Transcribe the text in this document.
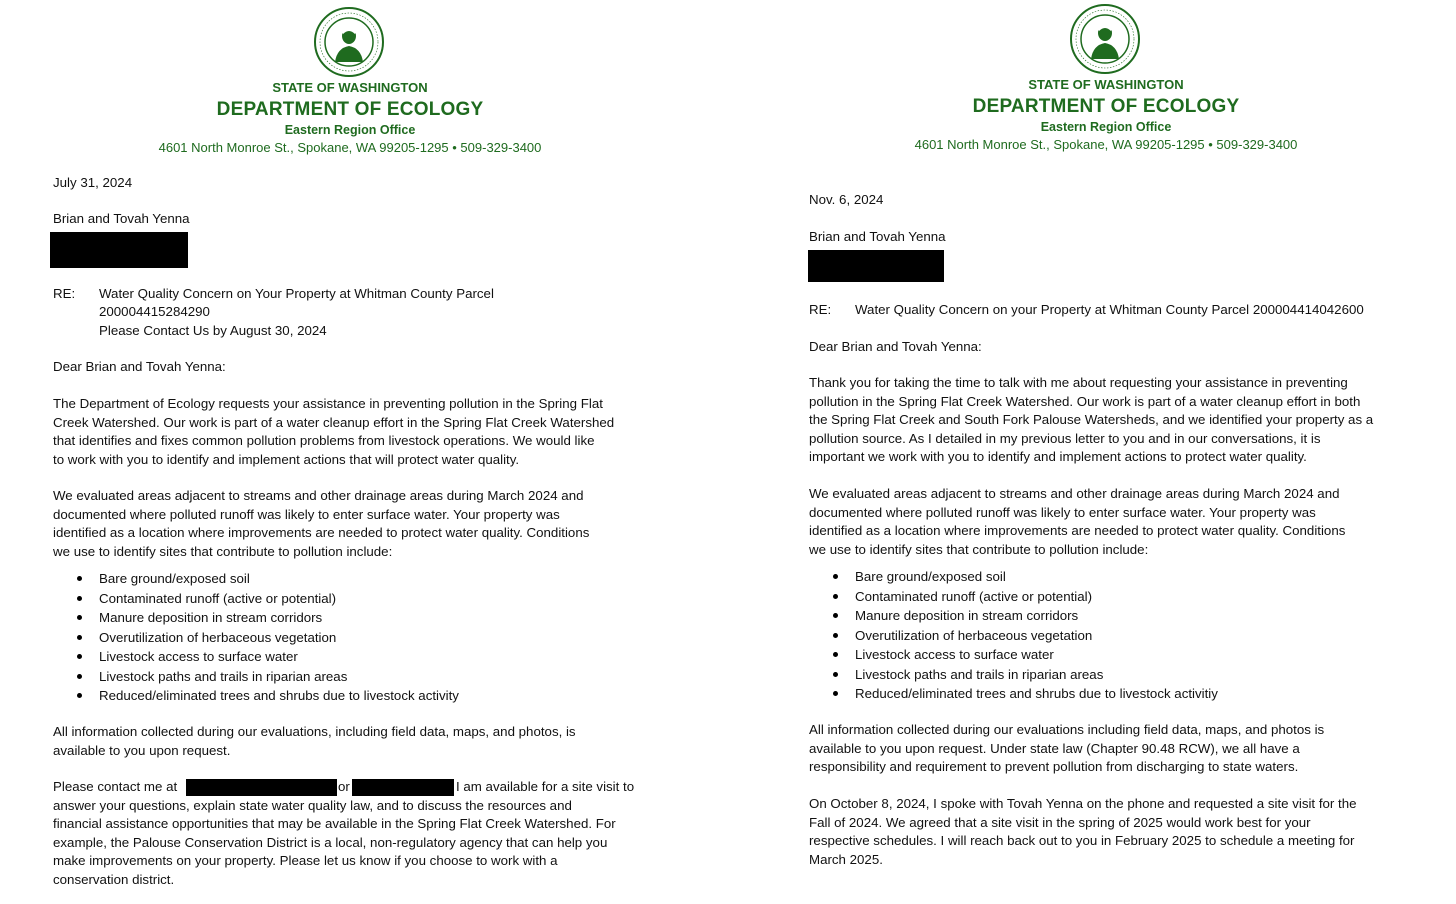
STATE OF WASHINGTON
DEPARTMENT OF ECOLOGY
Eastern Region Office
4601 North Monroe St., Spokane, WA 99205-1295 • 509-329-3400
July 31, 2024
Brian and Tovah Yenna
RE: Water Quality Concern on Your Property at Whitman County Parcel
200004415284290
Please Contact Us by August 30, 2024
Dear Brian and Tovah Yenna:
The Department of Ecology requests your assistance in preventing pollution in the Spring Flat
Creek Watershed. Our work is part of a water cleanup effort in the Spring Flat Creek Watershed
that identifies and fixes common pollution problems from livestock operations. We would like
to work with you to identify and implement actions that will protect water quality.
We evaluated areas adjacent to streams and other drainage areas during March 2024 and
documented where polluted runoff was likely to enter surface water. Your property was
identified as a location where improvements are needed to protect water quality. Conditions
we use to identify sites that contribute to pollution include:
Bare ground/exposed soil
Contaminated runoff (active or potential)
Manure deposition in stream corridors
Overutilization of herbaceous vegetation
Livestock access to surface water
Livestock paths and trails in riparian areas
Reduced/eliminated trees and shrubs due to livestock activity
All information collected during our evaluations, including field data, maps, and photos, is
available to you upon request.
Please contact me at	or	I am available for a site visit to
answer your questions, explain state water quality law, and to discuss the resources and
financial assistance opportunities that may be available in the Spring Flat Creek Watershed. For
example, the Palouse Conservation District is a local, non-regulatory agency that can help you
make improvements on your property. Please let us know if you choose to work with a
conservation district.
STATE OF WASHINGTON
DEPARTMENT OF ECOLOGY
Eastern Region Office
4601 North Monroe St., Spokane, WA 99205-1295 • 509-329-3400
Nov. 6, 2024
Brian and Tovah Yenna
RE: Water Quality Concern on your Property at Whitman County Parcel 200004414042600
Dear Brian and Tovah Yenna:
Thank you for taking the time to talk with me about requesting your assistance in preventing
pollution in the Spring Flat Creek Watershed. Our work is part of a water cleanup effort in both
the Spring Flat Creek and South Fork Palouse Watersheds, and we identified your property as a
pollution source. As I detailed in my previous letter to you and in our conversations, it is
important we work with you to identify and implement actions to protect water quality.
We evaluated areas adjacent to streams and other drainage areas during March 2024 and
documented where polluted runoff was likely to enter surface water. Your property was
identified as a location where improvements are needed to protect water quality. Conditions
we use to identify sites that contribute to pollution include:
Bare ground/exposed soil
Contaminated runoff (active or potential)
Manure deposition in stream corridors
Overutilization of herbaceous vegetation
Livestock access to surface water
Livestock paths and trails in riparian areas
Reduced/eliminated trees and shrubs due to livestock activitiy
All information collected during our evaluations including field data, maps, and photos is
available to you upon request. Under state law (Chapter 90.48 RCW), we all have a
responsibility and requirement to prevent pollution from discharging to state waters.
On October 8, 2024, I spoke with Tovah Yenna on the phone and requested a site visit for the
Fall of 2024. We agreed that a site visit in the spring of 2025 would work best for your
respective schedules. I will reach back out to you in February 2025 to schedule a meeting for
March 2025.
